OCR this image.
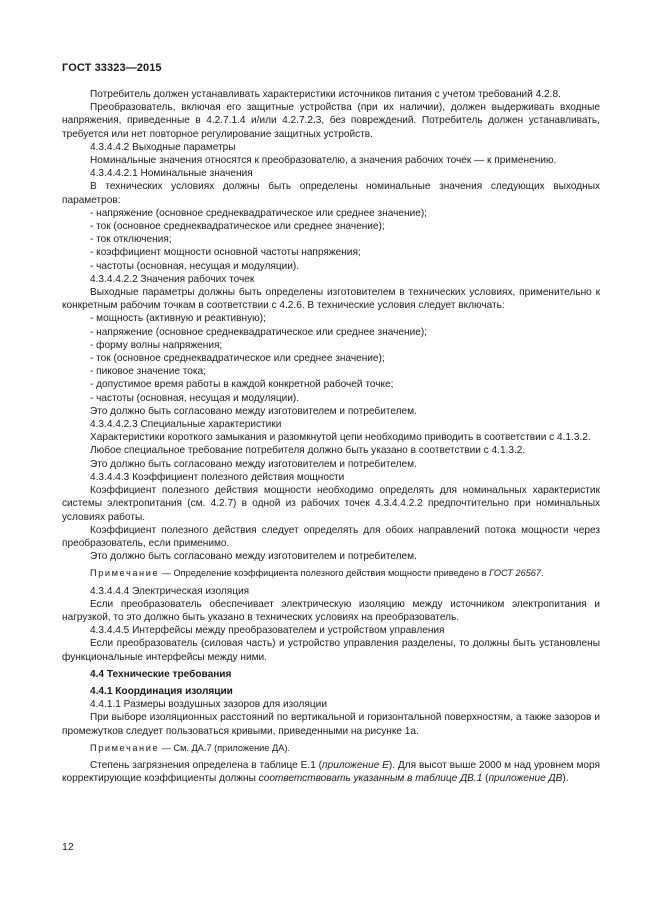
ГОСТ 33323—2015

Потребитель должен устанавливать характеристики источников питания с учетом требований 4.2.8.

Преобразователь, включая его защитные устройства (при их наличии), должен выдерживать входные напряжения, приведенные в 4.2.7.1.4 и/или 4.2.7.2.3, без повреждений. Потребитель должен устанавливать, требуется или нет повторное регулирование защитных устройств.

4.3.4.4.2 Выходные параметры

Номинальные значения относятся к преобразователю, а значения рабочих точек — к применению.

4.3.4.4.2.1 Номинальные значения

В технических условиях должны быть определены номинальные значения следующих выходных параметров:

- напряжение (основное среднеквадратическое или среднее значение);

- ток (основное среднеквадратическое или среднее значение);

- ток отключения;

- коэффициент мощности основной частоты напряжения;

- частоты (основная, несущая и модуляции).

4.3.4.4.2.2 Значения рабочих точек

Выходные параметры должны быть определены изготовителем в технических условиях, применительно к конкретным рабочим точкам в соответствии с 4.2.6. В технические условия следует включать:

- мощность (активную и реактивную);

- напряжение (основное среднеквадратическое или среднее значение);

- форму волны напряжения;

- ток (основное среднеквадратическое или среднее значение);

- пиковое значение тока;

- допустимое время работы в каждой конкретной рабочей точке;

- частоты (основная, несущая и модуляции).

Это должно быть согласовано между изготовителем и потребителем.

4.3.4.4.2.3 Специальные характеристики

Характеристики короткого замыкания и разомкнутой цепи необходимо приводить в соответствии с 4.1.3.2.

Любое специальное требование потребителя должно быть указано в соответствии с 4.1.3.2.

Это должно быть согласовано между изготовителем и потребителем.

4.3.4.4.3 Коэффициент полезного действия мощности

Коэффициент полезного действия мощности необходимо определять для номинальных характеристик системы электропитания (см. 4.2.7) в одной из рабочих точек 4.3.4.4.2.2 предпочтительно при номинальных условиях работы.

Коэффициент полезного действия следует определять для обоих направлений потока мощности через преобразователь, если применимо.

Это должно быть согласовано между изготовителем и потребителем.

Примечание — Определение коэффициента полезного действия мощности приведено в ГОСТ 26567.

4.3.4.4.4 Электрическая изоляция

Если преобразователь обеспечивает электрическую изоляцию между источником электропитания и нагрузкой, то это должно быть указано в технических условиях на преобразователь.

4.3.4.4.5 Интерфейсы между преобразователем и устройством управления

Если преобразователь (силовая часть) и устройство управления разделены, то должны быть установлены функциональные интерфейсы между ними.

4.4 Технические требования

4.4.1 Координация изоляции

4.4.1.1 Размеры воздушных зазоров для изоляции

При выборе изоляционных расстояний по вертикальной и горизонтальной поверхностям, а также зазоров и промежутков следует пользоваться кривыми, приведенными на рисунке 1а.

Примечание — См. ДА.7 (приложение ДА).

Степень загрязнения определена в таблице Е.1 (приложение Е). Для высот выше 2000 м над уровнем моря корректирующие коэффициенты должны соответствовать указанным в таблице ДВ.1 (приложение ДВ).

12
